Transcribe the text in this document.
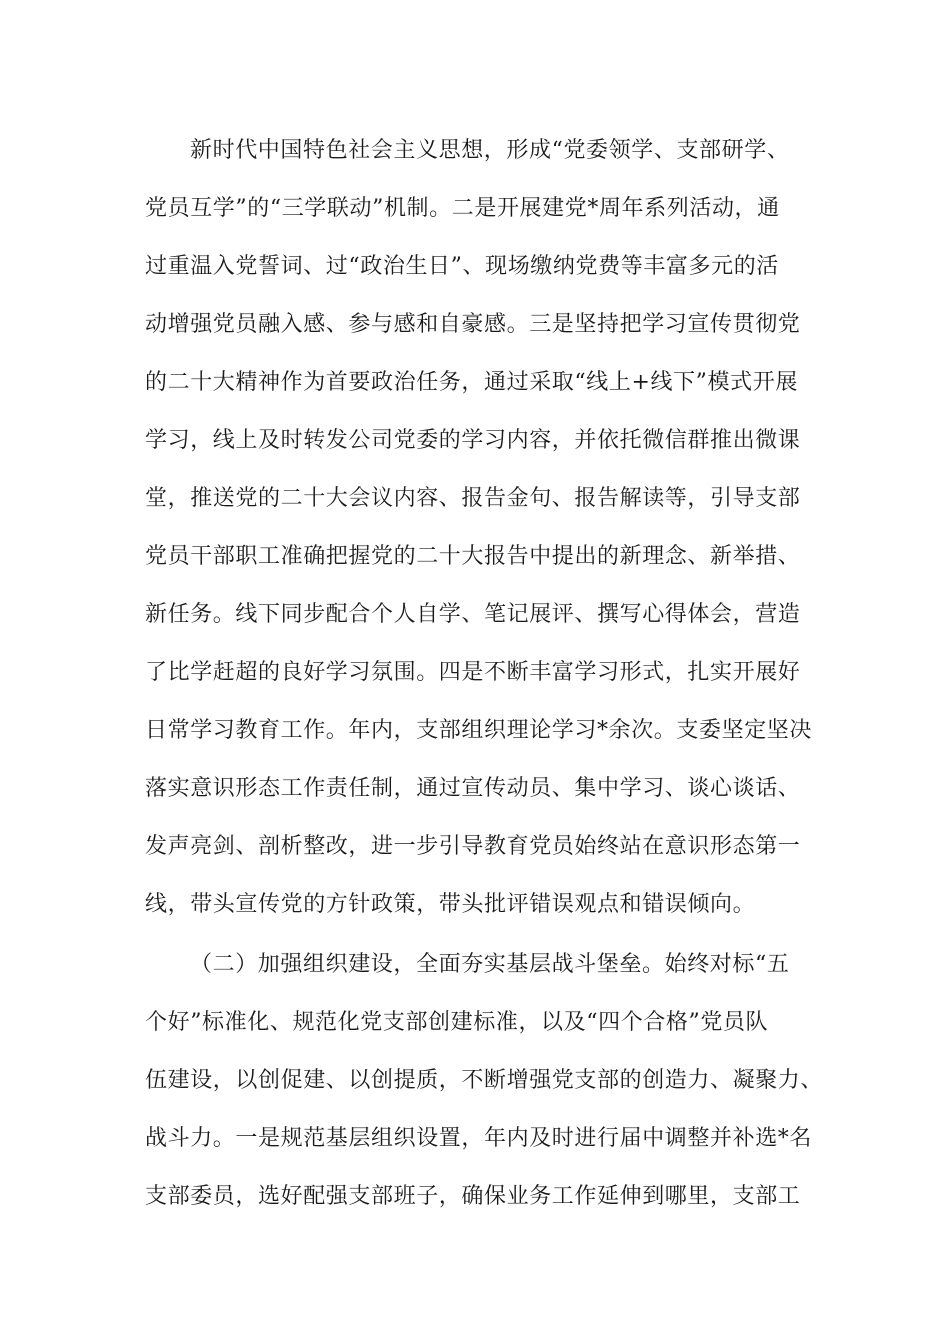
新时代中国特色社会主义思想，形成“党委领学、支部研学、
党员互学”的“三学联动”机制。二是开展建党*周年系列活动，通
过重温入党誓词、过“政治生日”、现场缴纳党费等丰富多元的活
动增强党员融入感、参与感和自豪感。三是坚持把学习宣传贯彻党
的二十大精神作为首要政治任务，通过采取“线上+线下”模式开展
学习，线上及时转发公司党委的学习内容，并依托微信群推出微课
堂，推送党的二十大会议内容、报告金句、报告解读等，引导支部
党员干部职工准确把握党的二十大报告中提出的新理念、新举措、
新任务。线下同步配合个人自学、笔记展评、撰写心得体会，营造
了比学赶超的良好学习氛围。四是不断丰富学习形式，扎实开展好
日常学习教育工作。年内，支部组织理论学习*余次。支委坚定坚决
落实意识形态工作责任制，通过宣传动员、集中学习、谈心谈话、
发声亮剑、剖析整改，进一步引导教育党员始终站在意识形态第一
线，带头宣传党的方针政策，带头批评错误观点和错误倾向。
（二）加强组织建设，全面夯实基层战斗堡垒。始终对标“五
个好”标准化、规范化党支部创建标准，以及“四个合格”党员队
伍建设，以创促建、以创提质，不断增强党支部的创造力、凝聚力、
战斗力。一是规范基层组织设置，年内及时进行届中调整并补选*名
支部委员，选好配强支部班子，确保业务工作延伸到哪里，支部工
